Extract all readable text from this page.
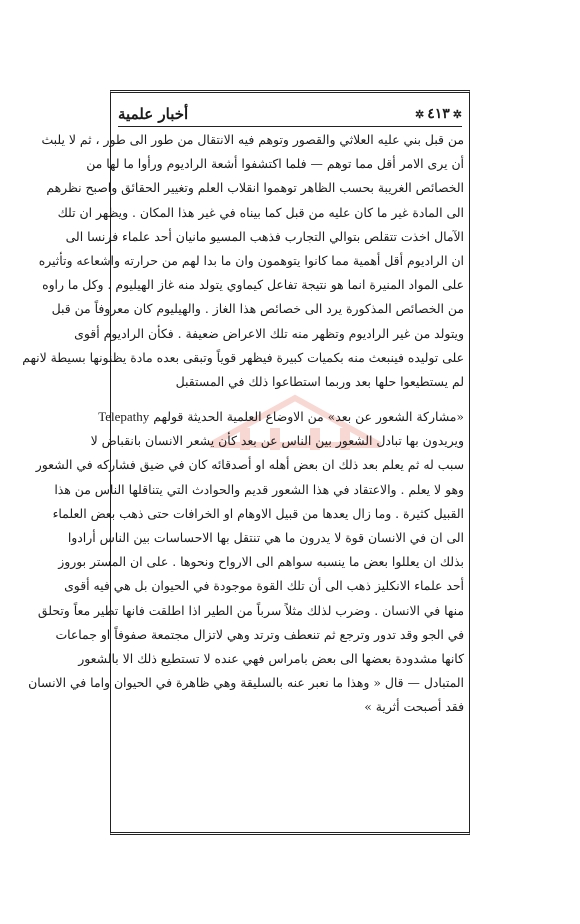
أخبار علمية	✲
٤١٣
✲
من قبل بني عليه العلاثي والقصور وتوهم فيه الانتقال من طور الى طور ، ثم لا يلبث
أن يرى الامر أقل مما توهم — فلما اكتشفوا أشعة الراديوم ورأوا ما لها من
الخصائص الغريبة بحسب الظاهر توهموا انقلاب العلم وتغيير الحقائق واصبح نظرهم
الى المادة غير ما كان عليه من قبل كما بيناه في غير هذا المكان . ويظهر ان تلك
الآمال اخذت تتقلص بتوالي التجارب فذهب المسيو مانيان أحد علماء فرنسا الى
ان الراديوم أقل أهمية مما كانوا يتوهمون وان ما بدا لهم من حرارته واشعاعه وتأثيره
على المواد المنيرة انما هو نتيجة تفاعل كيماوي يتولد منه غاز الهيليوم . وكل ما راوه
من الخصائص المذكورة يرد الى خصائص هذا الغاز . والهيليوم كان معروفاً من قبل
ويتولد من غير الراديوم وتظهر منه تلك الاعراض ضعيفة . فكأن الراديوم أقوى
على توليده فينبعث منه بكميات كبيرة فيظهر قوياً وتبقى بعده مادة يظنونها بسيطة لانهم
لم يستطيعوا حلها بعد وربما استطاعوا ذلك في المستقبل
«مشاركة الشعور عن بعد» من الاوضاع العلمية الحديثة قولهم Telepathy
ويريدون بها تبادل الشعور بين الناس عن بعد كأن يشعر الانسان بانقباض لا
سبب له ثم يعلم بعد ذلك ان بعض أهله او أصدقائه كان في ضيق فشاركه في الشعور
وهو لا يعلم . والاعتقاد في هذا الشعور قديم والحوادث التي يتناقلها الناس من هذا
القبيل كثيرة . وما زال يعدها من قبيل الاوهام او الخرافات حتى ذهب بعض العلماء
الى ان في الانسان قوة لا يدرون ما هي تنتقل بها الاحساسات بين الناس أرادوا
بذلك ان يعللوا بعض ما ينسبه سواهم الى الارواح ونحوها . على ان المستر بوروز
أحد علماء الانكليز ذهب الى أن تلك القوة موجودة في الحيوان بل هي فيه أقوى
منها في الانسان . وضرب لذلك مثلاً سرباً من الطير اذا اطلقت فانها تطير معاً وتحلق
في الجو وقد تدور وترجع ثم تنعطف وترتد وهي لاتزال مجتمعة صفوفاً او جماعات
كانها مشدودة بعضها الى بعض بامراس فهي عنده لا تستطيع ذلك الا بالشعور
المتبادل — قال « وهذا ما نعبر عنه بالسليقة وهي ظاهرة في الحيوان واما في الانسان
فقد أصبحت أثرية »
